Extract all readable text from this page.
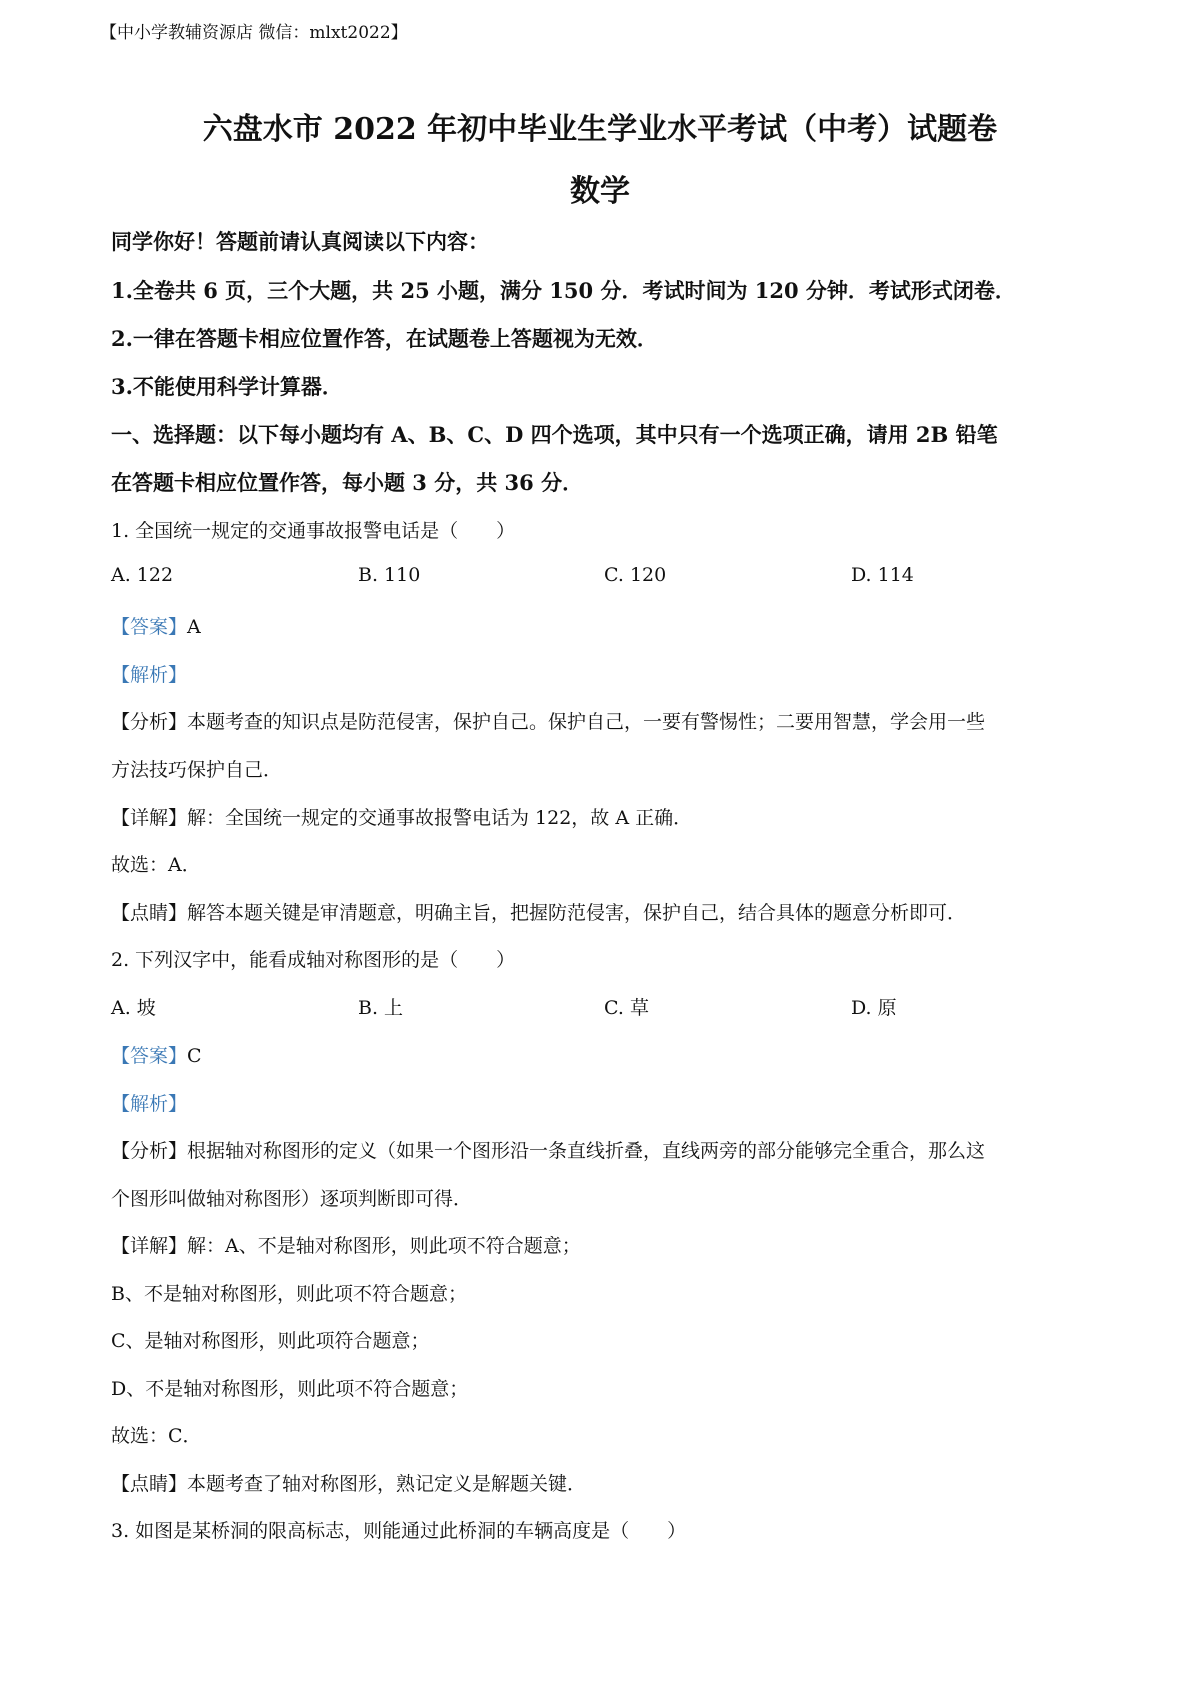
【中小学教辅资源店 微信：mlxt2022】
六盘水市 2022 年初中毕业生学业水平考试（中考）试题卷
数学
同学你好！答题前请认真阅读以下内容：
1.全卷共 6 页，三个大题，共 25 小题，满分 150 分．考试时间为 120 分钟．考试形式闭卷．
2.一律在答题卡相应位置作答，在试题卷上答题视为无效．
3.不能使用科学计算器．
一、选择题：以下每小题均有 A、B、C、D 四个选项，其中只有一个选项正确，请用 2B 铅笔
在答题卡相应位置作答，每小题 3 分，共 36 分．
1. 全国统一规定的交通事故报警电话是（　　）
A. 122	B. 110	C. 120	D. 114
【答案】A
【解析】
【分析】本题考查的知识点是防范侵害，保护自己。保护自己，一要有警惕性；二要用智慧，学会用一些
方法技巧保护自己．
【详解】解：全国统一规定的交通事故报警电话为 122，故 A 正确．
故选：A．
【点睛】解答本题关键是审清题意，明确主旨，把握防范侵害，保护自己，结合具体的题意分析即可．
2. 下列汉字中，能看成轴对称图形的是（　　）
A. 坡	B. 上	C. 草	D. 原
【答案】C
【解析】
【分析】根据轴对称图形的定义（如果一个图形沿一条直线折叠，直线两旁的部分能够完全重合，那么这
个图形叫做轴对称图形）逐项判断即可得．
【详解】解：A、不是轴对称图形，则此项不符合题意；
B、不是轴对称图形，则此项不符合题意；
C、是轴对称图形，则此项符合题意；
D、不是轴对称图形，则此项不符合题意；
故选：C．
【点睛】本题考查了轴对称图形，熟记定义是解题关键．
3. 如图是某桥洞的限高标志，则能通过此桥洞的车辆高度是（　　）
